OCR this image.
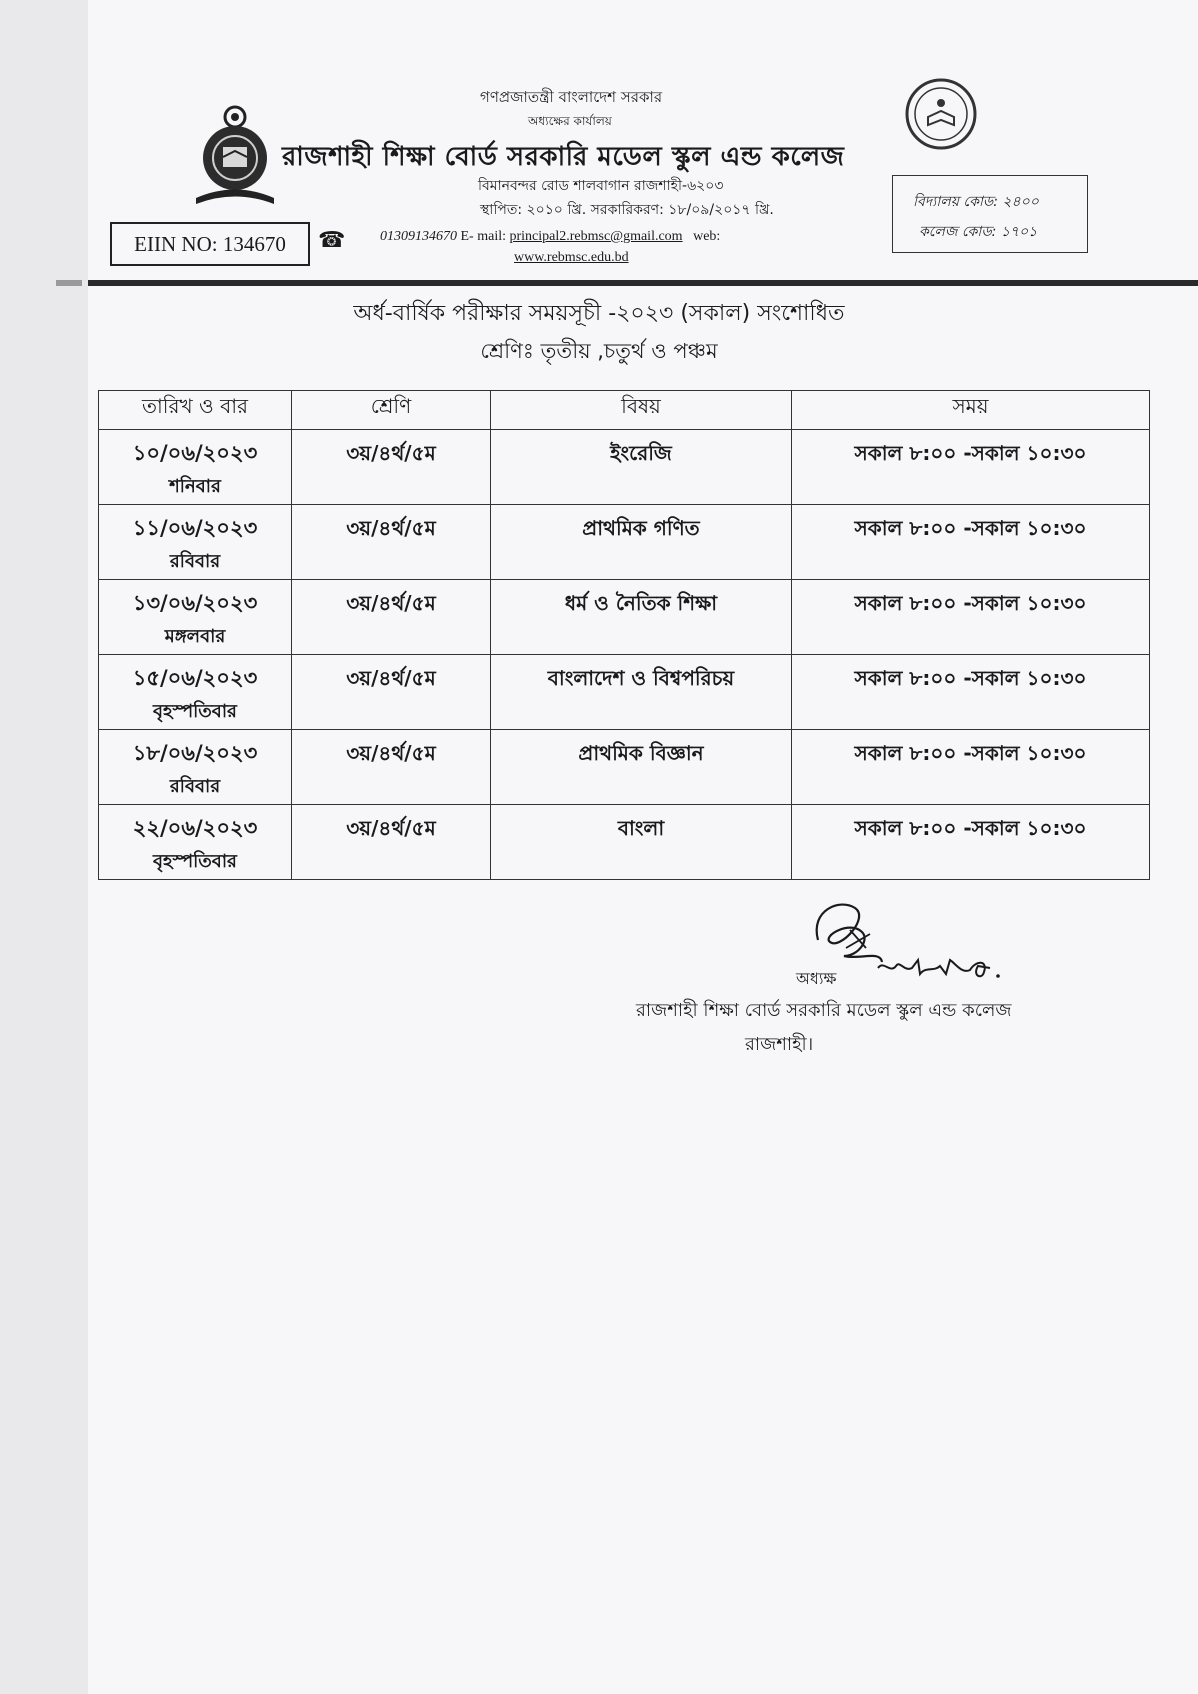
গণপ্রজাতন্ত্রী বাংলাদেশ সরকার
অধ্যক্ষের কার্যালয়
রাজশাহী শিক্ষা বোর্ড সরকারি মডেল স্কুল এন্ড কলেজ
বিমানবন্দর রোড শালবাগান রাজশাহী-৬২০৩
স্থাপিত: ২০১০ খ্রি. সরকারিকরণ: ১৮/০৯/২০১৭ খ্রি.
EIIN NO: 134670	☎ 01309134670 E- mail: principal2.rebmsc@gmail.com web:
www.rebmsc.edu.bd
বিদ্যালয় কোড: ২৪০০
কলেজ কোড: ১৭০১
অর্ধ-বার্ষিক পরীক্ষার সময়সূচী -২০২৩ (সকাল) সংশোধিত
শ্রেণিঃ তৃতীয় ,চতুর্থ ও পঞ্চম
তারিখ ও বার	শ্রেণি	বিষয়	সময়

১০/০৬/২০২৩
শনিবার	৩য়/৪র্থ/৫ম	ইংরেজি	সকাল ৮:০০ -সকাল ১০:৩০

১১/০৬/২০২৩
রবিবার	৩য়/৪র্থ/৫ম	প্রাথমিক গণিত	সকাল ৮:০০ -সকাল ১০:৩০

১৩/০৬/২০২৩
মঙ্গলবার	৩য়/৪র্থ/৫ম	ধর্ম ও নৈতিক শিক্ষা	সকাল ৮:০০ -সকাল ১০:৩০

১৫/০৬/২০২৩
বৃহস্পতিবার	৩য়/৪র্থ/৫ম	বাংলাদেশ ও বিশ্বপরিচয়	সকাল ৮:০০ -সকাল ১০:৩০

১৮/০৬/২০২৩
রবিবার	৩য়/৪র্থ/৫ম	প্রাথমিক বিজ্ঞান	সকাল ৮:০০ -সকাল ১০:৩০

২২/০৬/২০২৩
বৃহস্পতিবার	৩য়/৪র্থ/৫ম	বাংলা	সকাল ৮:০০ -সকাল ১০:৩০
অধ্যক্ষ
রাজশাহী শিক্ষা বোর্ড সরকারি মডেল স্কুল এন্ড কলেজ
রাজশাহী।
